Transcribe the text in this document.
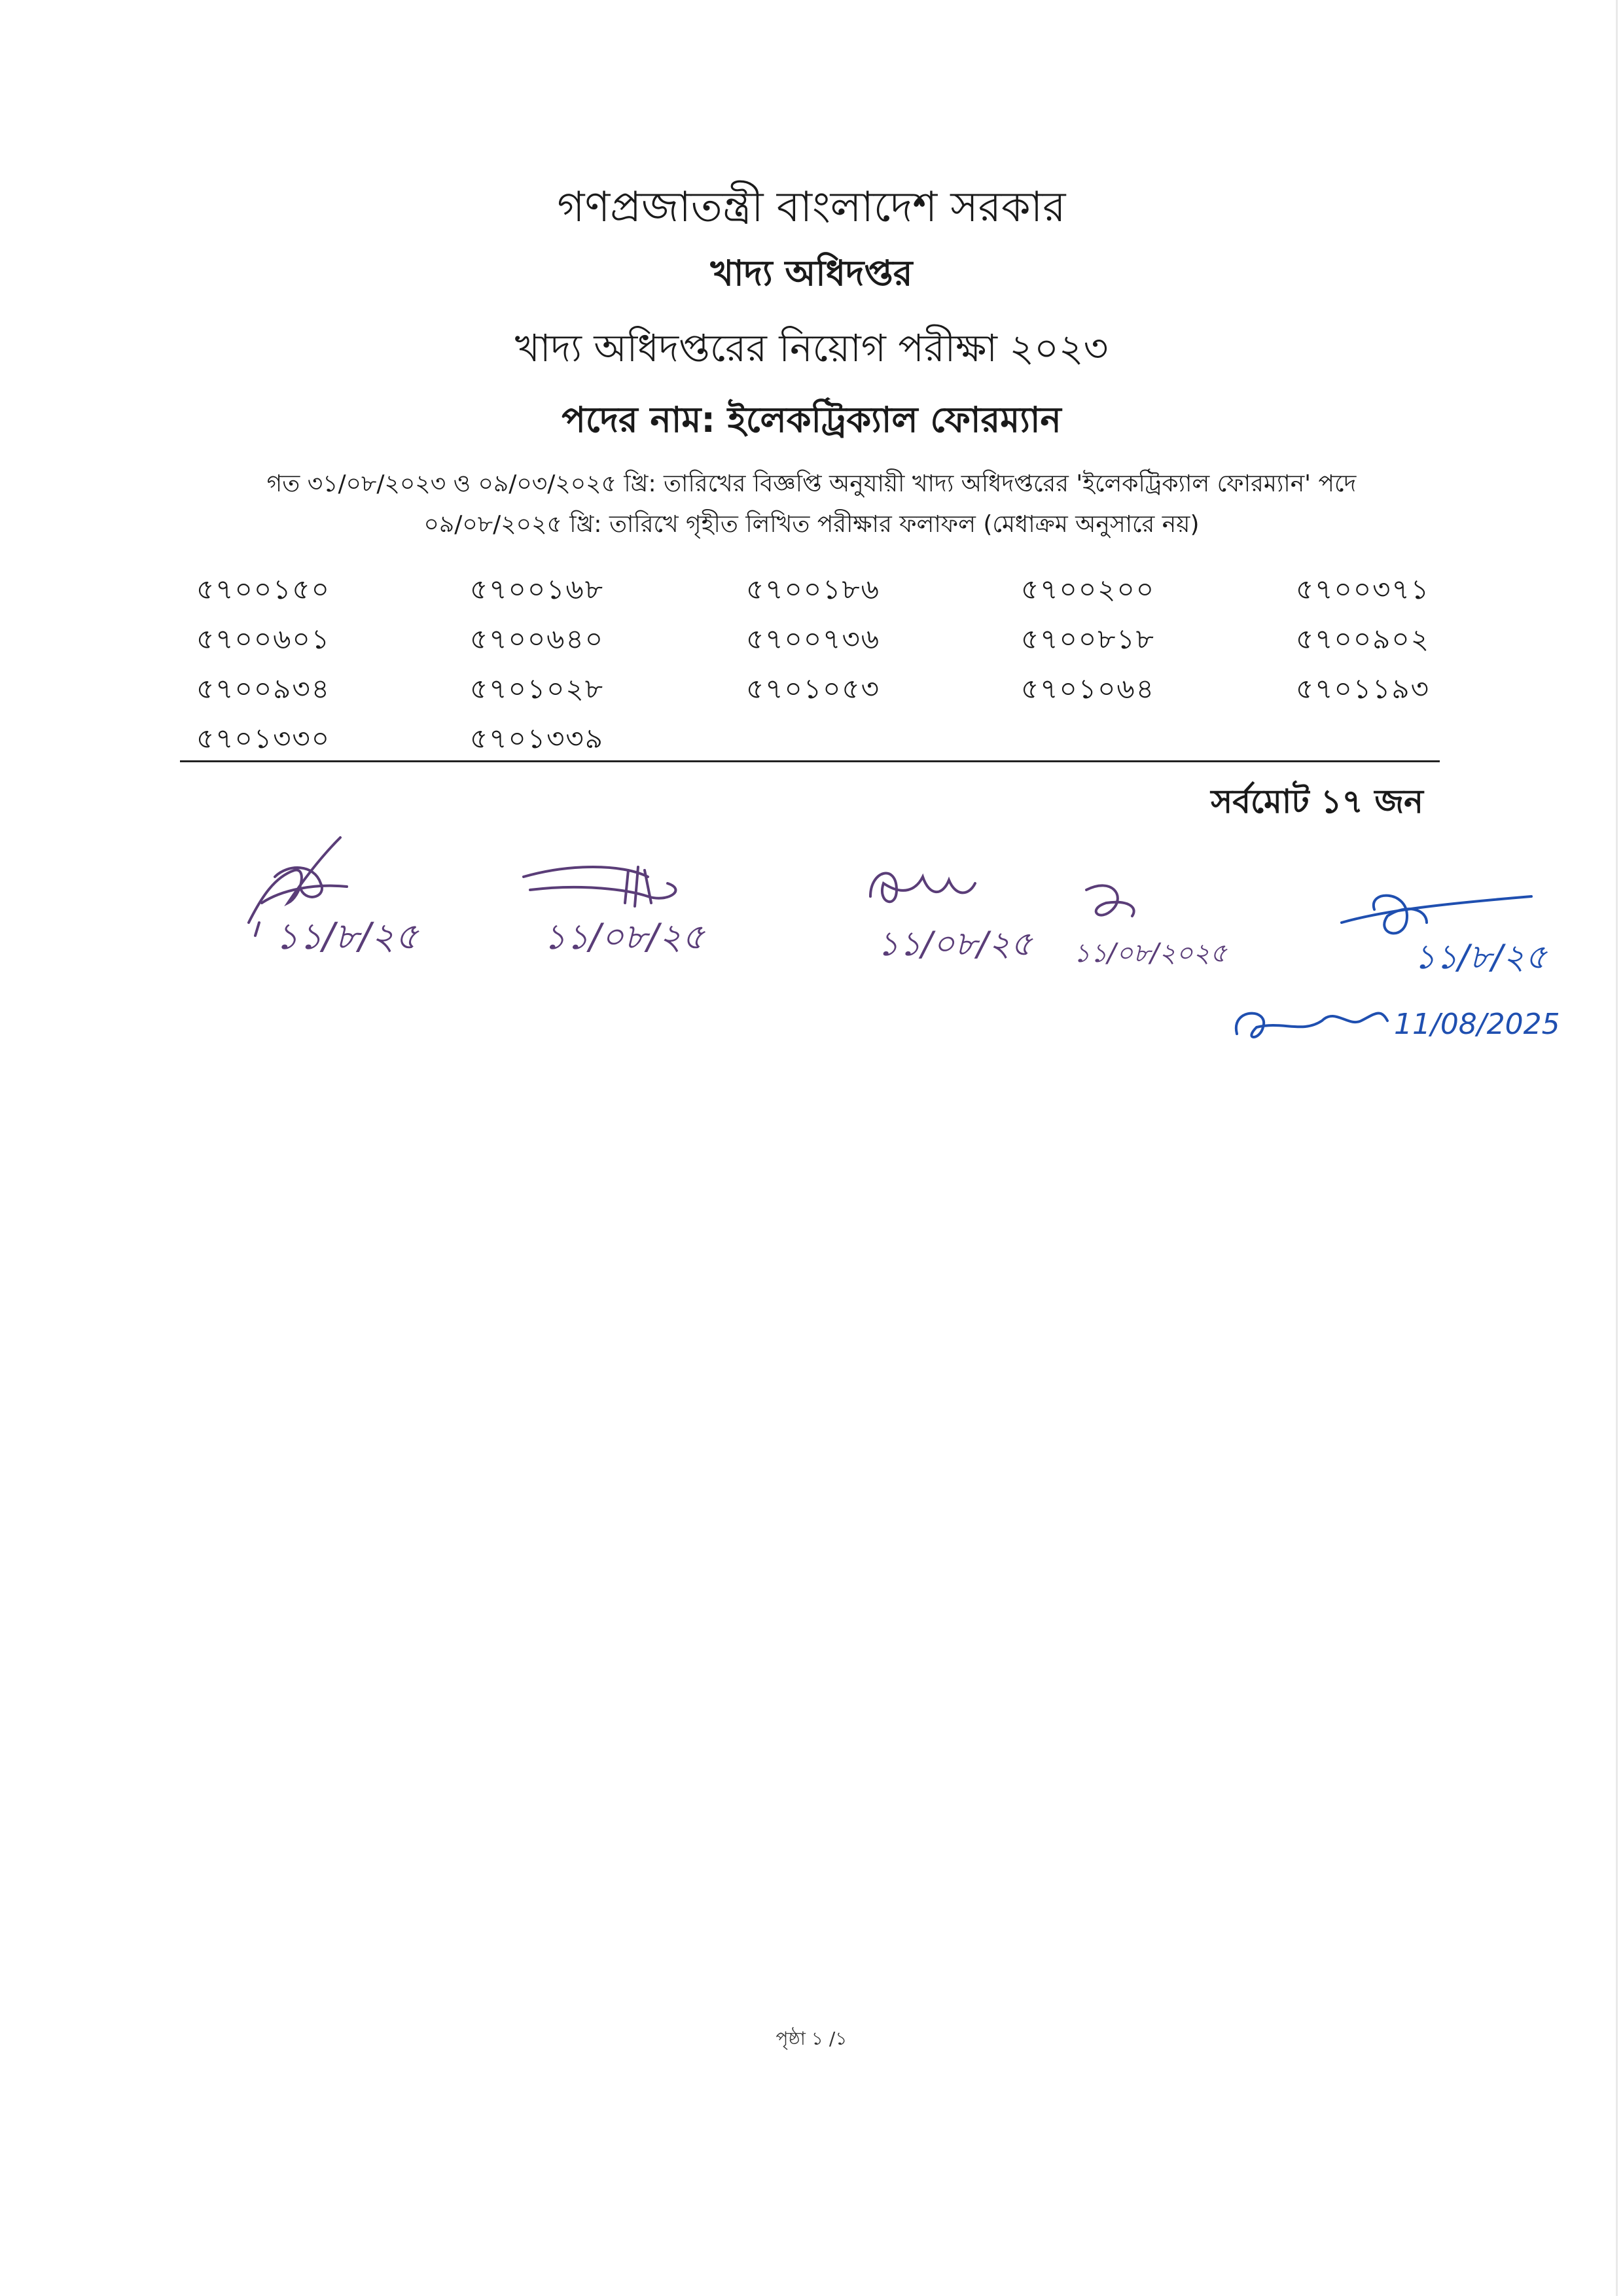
গণপ্রজাতন্ত্রী বাংলাদেশ সরকার
খাদ্য অধিদপ্তর
খাদ্য অধিদপ্তরের নিয়োগ পরীক্ষা ২০২৩
পদের নাম: ইলেকট্রিক্যাল ফোরম্যান
গত ৩১/০৮/২০২৩ ও ০৯/০৩/২০২৫ খ্রি: তারিখের বিজ্ঞপ্তি অনুযায়ী খাদ্য অধিদপ্তরের 'ইলেকট্রিক্যাল ফোরম্যান' পদে
০৯/০৮/২০২৫ খ্রি: তারিখে গৃহীত লিখিত পরীক্ষার ফলাফল (মেধাক্রম অনুসারে নয়)
৫৭০০১৫০	৫৭০০১৬৮	৫৭০০১৮৬	৫৭০০২০০	৫৭০০৩৭১
৫৭০০৬০১	৫৭০০৬৪০	৫৭০০৭৩৬	৫৭০০৮১৮	৫৭০০৯০২
৫৭০০৯৩৪	৫৭০১০২৮	৫৭০১০৫৩	৫৭০১০৬৪	৫৭০১১৯৩
৫৭০১৩৩০	৫৭০১৩৩৯
সর্বমোট ১৭ জন
১১/৮/২৫	১১/০৮/২৫	১১/০৮/২৫ ১১/০৮/২০২৫	১১/৮/২৫
11/08/2025
পৃষ্ঠা ১ /১
